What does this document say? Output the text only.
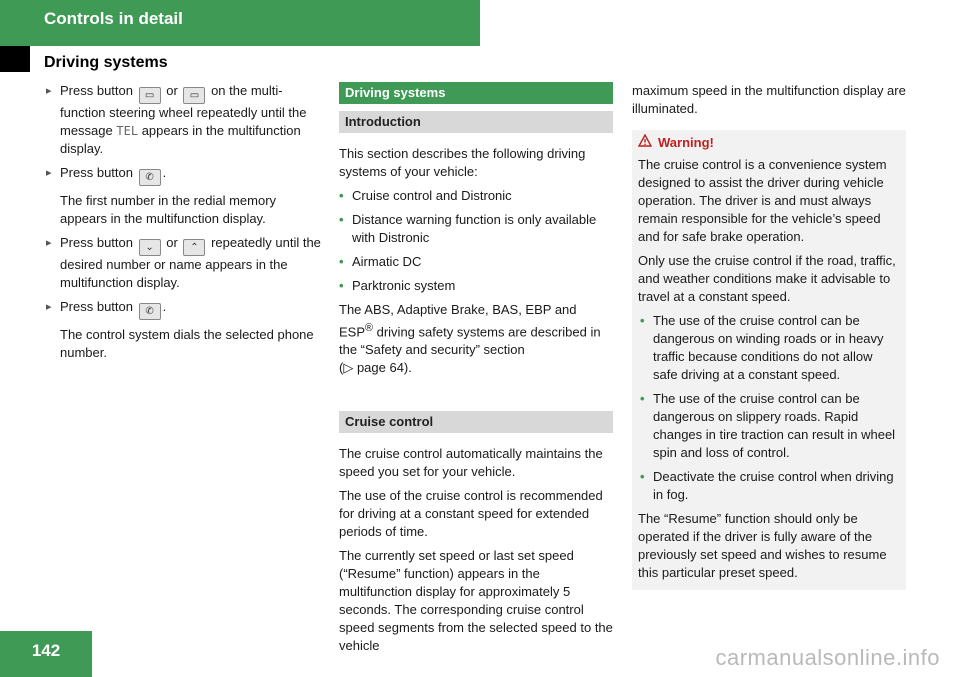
Controls in detail
Driving systems
▸ Press button ▭ or ▭ on the multi-function steering wheel repeatedly until the message TEL appears in the multifunction display.
▸ Press button ✆ .

The first number in the redial memory appears in the multifunction display.

▸ Press button ⌄ or ⌃ repeatedly until the desired number or name appears in the multifunction display.
▸ Press button ✆ .

The control system dials the selected phone number.

Driving systems
Introduction

This section describes the following driving systems of your vehicle:

• Cruise control and Distronic
• Distance warning function is only available with Distronic
• Airmatic DC
• Parktronic system

The ABS, Adaptive Brake, BAS, EBP and ESP® driving safety systems are described in the “Safety and security” section
(▷ page 64).

Cruise control

The cruise control automatically maintains the speed you set for your vehicle.

The use of the cruise control is recommended for driving at a constant speed for extended periods of time.

The currently set speed or last set speed (“Resume” function) appears in the multifunction display for approximately 5 seconds. The corresponding cruise control speed segments from the selected speed to the vehicle

maximum speed in the multifunction display are illuminated.

Warning!

The cruise control is a convenience system designed to assist the driver during vehicle operation. The driver is and must always remain responsible for the vehicle’s speed and for safe brake operation.

Only use the cruise control if the road, traffic, and weather conditions make it advisable to travel at a constant speed.

• The use of the cruise control can be dangerous on winding roads or in heavy traffic because conditions do not allow safe driving at a constant speed.
• The use of the cruise control can be dangerous on slippery roads. Rapid changes in tire traction can result in wheel spin and loss of control.
• Deactivate the cruise control when driving in fog.

The “Resume” function should only be operated if the driver is fully aware of the previously set speed and wishes to resume this particular preset speed.

142	carmanualsonline.info
